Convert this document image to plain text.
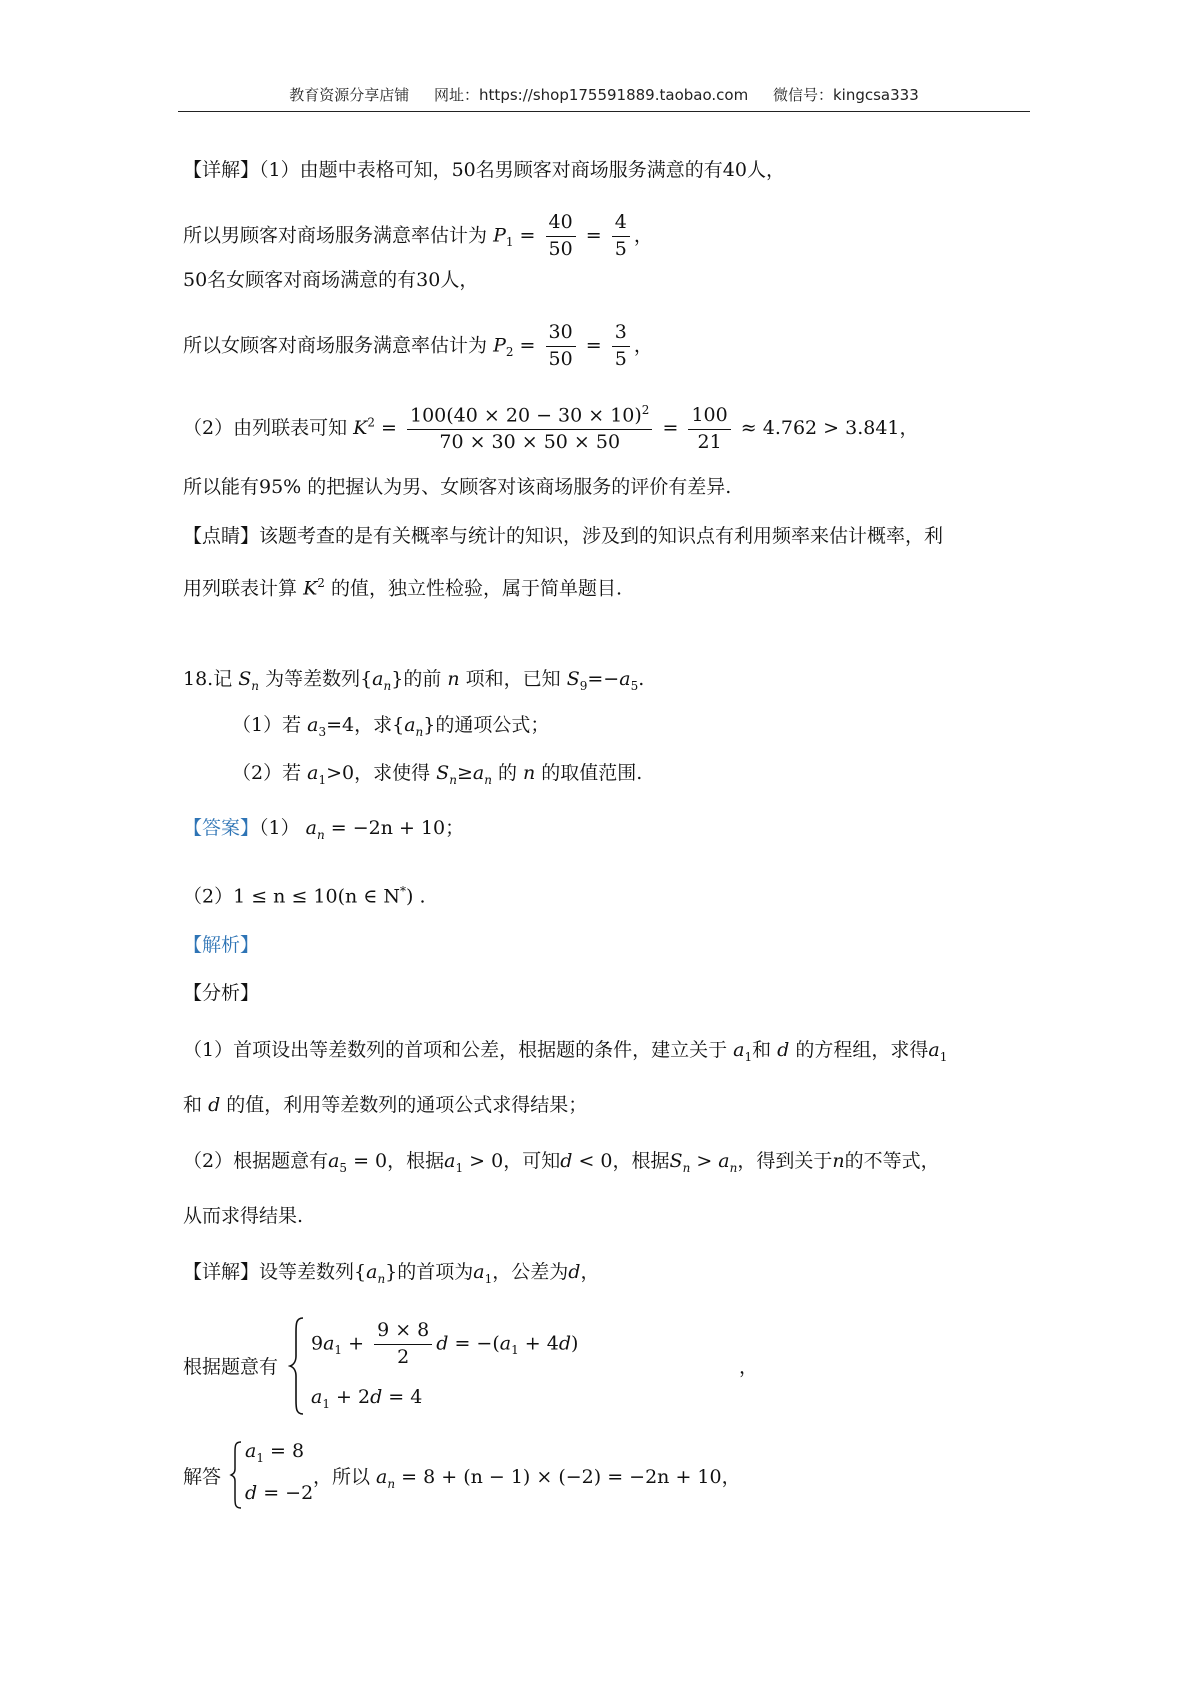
教育资源分享店铺 网址：https://shop175591889.taobao.com 微信号：kingcsa333
【详解】（1）由题中表格可知，50名男顾客对商场服务满意的有40人，
所以男顾客对商场服务满意率估计为 $P_1 = \frac{40}{50} = \frac{4}{5}$ ，
50名女顾客对商场满意的有30人，
所以女顾客对商场服务满意率估计为 $P_2 = \frac{30}{50} = \frac{3}{5}$ ，
（2）由列联表可知 $K^2 = \frac{100(40 \times 20 - 30 \times 10)^2}{70 \times 30 \times 50 \times 50} = \frac{100}{21} \approx 4.762 > 3.841$，
所以能有95% 的把握认为男、女顾客对该商场服务的评价有差异.
【点睛】该题考查的是有关概率与统计的知识，涉及到的知识点有利用频率来估计概率，利
用列联表计算 $K^2$ 的值，独立性检验，属于简单题目.
18.记 $S_n$ 为等差数列$\{a_n\}$的前 n 项和，已知 $S_9=-a_5$.
（1）若 $a_3=4$，求$\{a_n\}$的通项公式；
（2）若 $a_1>0$，求使得 $S_n\ge a_n$ 的 n 的取值范围.
【答案】（1） $a_n = -2n + 10$；
（2）1 ≤ n ≤ 10(n ∈ N*) .
【解析】
【分析】
（1）首项设出等差数列的首项和公差，根据题的条件，建立关于 $a_1$和 d 的方程组，求得$a_1$
和 d 的值，利用等差数列的通项公式求得结果；
（2）根据题意有$a_5 = 0$，根据$a_1 > 0$，可知d < 0，根据$S_n > a_n$，得到关于n的不等式，
从而求得结果.
【详解】设等差数列$\{a_n\}$的首项为$a_1$，公差为d，
根据题意有
$9a_1 + \frac{9 \times 8}{2}$ $d = -(a_1 + 4d)$
$a_1 + 2d = 4$
，
解答
$a_1 = 8$
d = −2
，所以 $a_n = 8 + (n - 1) \times (-2) = -2n + 10$，
